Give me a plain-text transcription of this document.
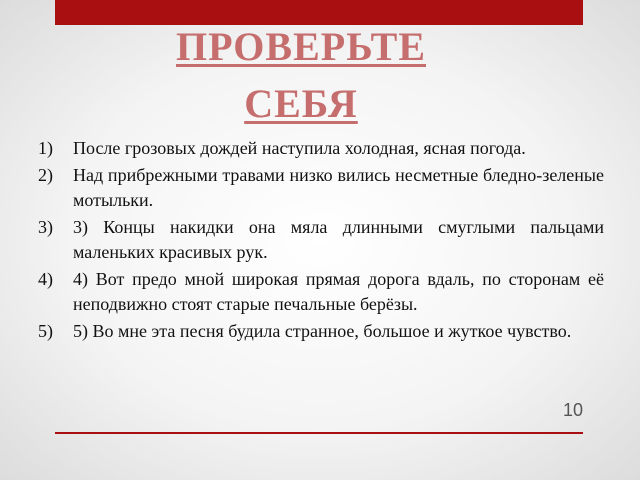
ПРОВЕРЬТЕ
СЕБЯ
1) После грозовых дождей наступила холодная, ясная погода.
2) Над прибрежными травами низко вились несметные бледно-зеленые мотыльки.
3) 3) Концы накидки она мяла длинными смуглыми пальцами маленьких красивых рук.
4) 4) Вот предо мной широкая прямая дорога вдаль, по сторонам её неподвижно стоят старые печальные берёзы.
5) 5) Во мне эта песня будила странное, большое и жуткое чувство.
10
